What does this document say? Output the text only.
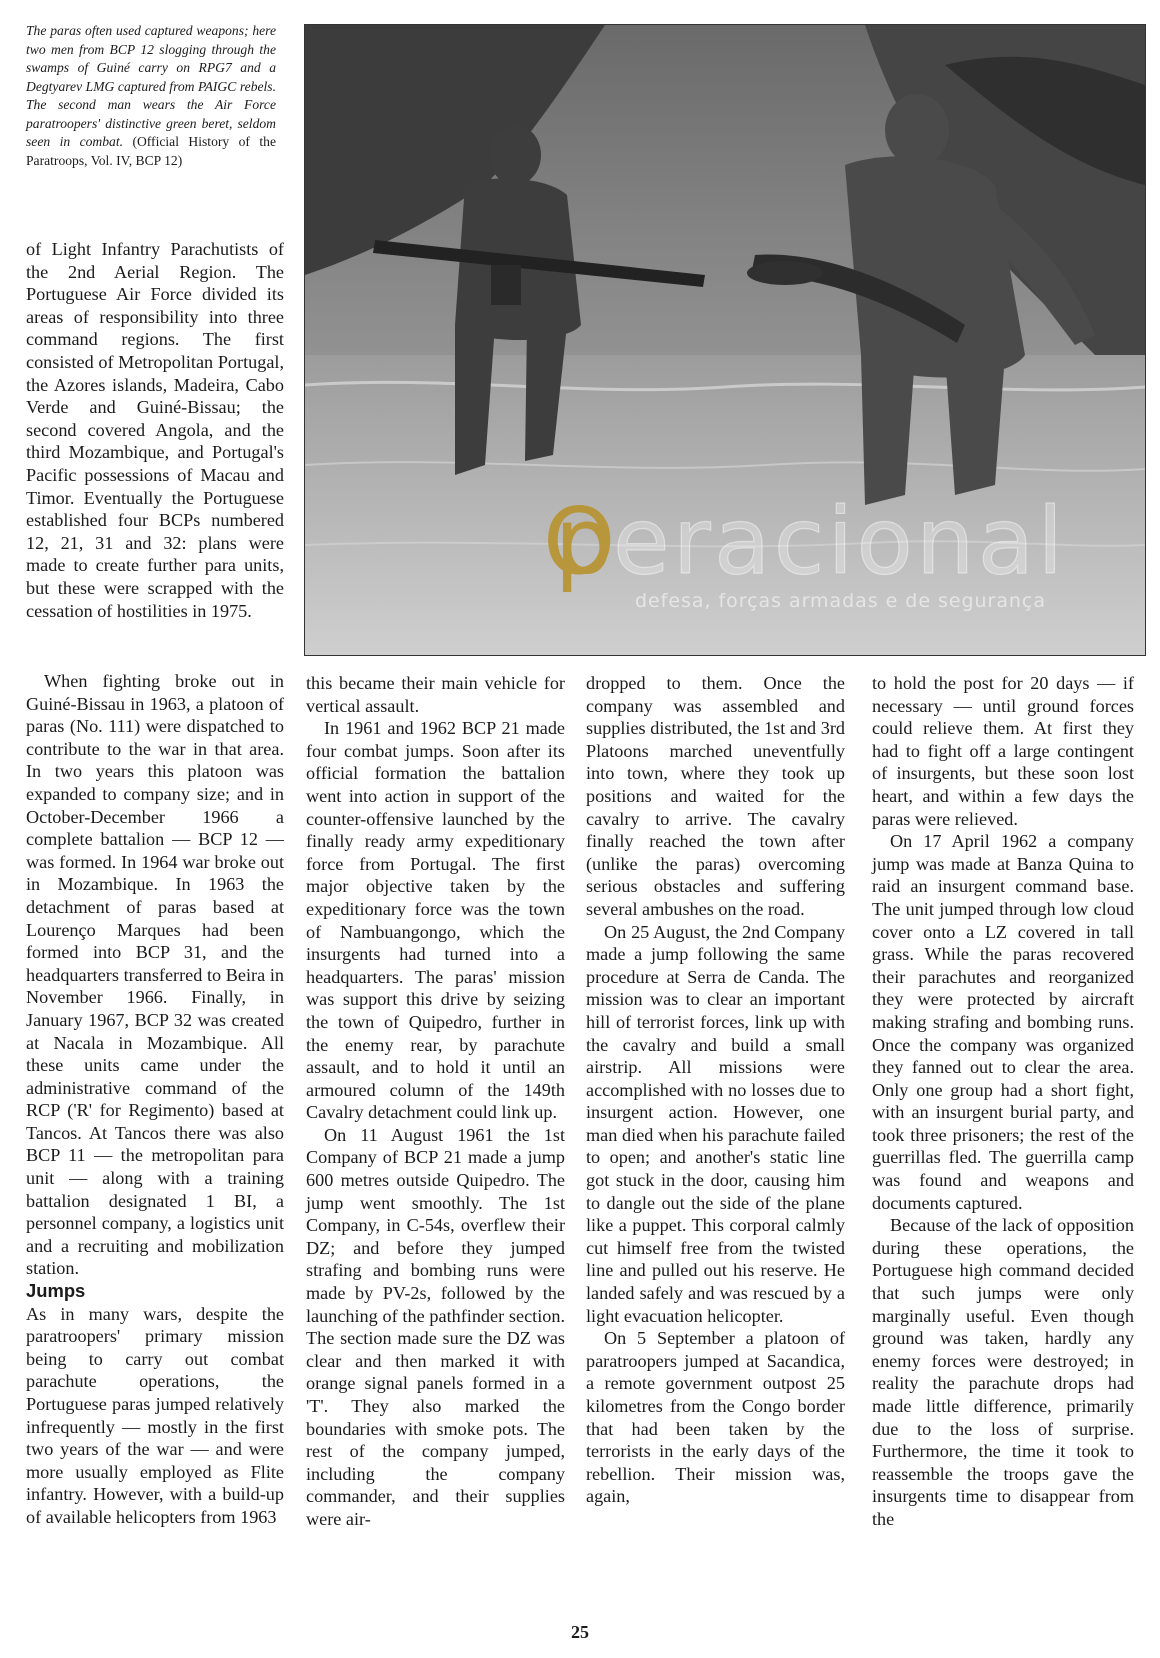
The paras often used captured weapons; here two men from BCP 12 slogging through the swamps of Guiné carry on RPG7 and a Degtyarev LMG captured from PAIGC rebels. The second man wears the Air Force paratroopers' distinctive green beret, seldom seen in combat. (Official History of the Paratroops, Vol. IV, BCP 12)
Op eracional
defesa, forças armadas e de segurança

of Light Infantry Parachutists of the 2nd Aerial Region. The Portuguese Air Force divided its areas of responsibility into three command regions. The first consisted of Metropolitan Portugal, the Azores islands, Madeira, Cabo Verde and Guiné-Bissau; the second covered Angola, and the third Mozambique, and Portugal's Pacific possessions of Macau and Timor. Eventually the Portuguese established four BCPs numbered 12, 21, 31 and 32: plans were made to create further para units, but these were scrapped with the cessation of hostilities in 1975.

When fighting broke out in Guiné-Bissau in 1963, a platoon of paras (No. 111) were dispatched to contribute to the war in that area. In two years this platoon was expanded to company size; and in October-December 1966 a complete battalion — BCP 12 — was formed. In 1964 war broke out in Mozambique. In 1963 the detachment of paras based at Lourenço Marques had been formed into BCP 31, and the headquarters transferred to Beira in November 1966. Finally, in January 1967, BCP 32 was created at Nacala in Mozambique. All these units came under the administrative command of the RCP ('R' for Regimento) based at Tancos. At Tancos there was also BCP 11 — the metropolitan para unit — along with a training battalion designated 1 BI, a personnel company, a logistics unit and a recruiting and mobilization station.

Jumps

As in many wars, despite the paratroopers' primary mission being to carry out combat parachute operations, the Portuguese paras jumped relatively infrequently — mostly in the first two years of the war — and were more usually employed as Flite infantry. However, with a build-up of available helicopters from 1963

this became their main vehicle for vertical assault.

In 1961 and 1962 BCP 21 made four combat jumps. Soon after its official formation the battalion went into action in support of the counter-offensive launched by the finally ready army expeditionary force from Portugal. The first major objective taken by the expeditionary force was the town of Nambuangongo, which the insurgents had turned into a headquarters. The paras' mission was support this drive by seizing the town of Quipedro, further in the enemy rear, by parachute assault, and to hold it until an armoured column of the 149th Cavalry detachment could link up.

On 11 August 1961 the 1st Company of BCP 21 made a jump 600 metres outside Quipedro. The jump went smoothly. The 1st Company, in C-54s, overflew their DZ; and before they jumped strafing and bombing runs were made by PV-2s, followed by the launching of the pathfinder section. The section made sure the DZ was clear and then marked it with orange signal panels formed in a 'T'. They also marked the boundaries with smoke pots. The rest of the company jumped, including the company commander, and their supplies were air-

dropped to them. Once the company was assembled and supplies distributed, the 1st and 3rd Platoons marched uneventfully into town, where they took up positions and waited for the cavalry to arrive. The cavalry finally reached the town after (unlike the paras) overcoming serious obstacles and suffering several ambushes on the road.

On 25 August, the 2nd Company made a jump following the same procedure at Serra de Canda. The mission was to clear an important hill of terrorist forces, link up with the cavalry and build a small airstrip. All missions were accomplished with no losses due to insurgent action. However, one man died when his parachute failed to open; and another's static line got stuck in the door, causing him to dangle out the side of the plane like a puppet. This corporal calmly cut himself free from the twisted line and pulled out his reserve. He landed safely and was rescued by a light evacuation helicopter.

On 5 September a platoon of paratroopers jumped at Sacandica, a remote government outpost 25 kilometres from the Congo border that had been taken by the terrorists in the early days of the rebellion. Their mission was, again,

to hold the post for 20 days — if necessary — until ground forces could relieve them. At first they had to fight off a large contingent of insurgents, but these soon lost heart, and within a few days the paras were relieved.

On 17 April 1962 a company jump was made at Banza Quina to raid an insurgent command base. The unit jumped through low cloud cover onto a LZ covered in tall grass. While the paras recovered their parachutes and reorganized they were protected by aircraft making strafing and bombing runs. Once the company was organized they fanned out to clear the area. Only one group had a short fight, with an insurgent burial party, and took three prisoners; the rest of the guerrillas fled. The guerrilla camp was found and weapons and documents captured.

Because of the lack of opposition during these operations, the Portuguese high command decided that such jumps were only marginally useful. Even though ground was taken, hardly any enemy forces were destroyed; in reality the parachute drops had made little difference, primarily due to the loss of surprise. Furthermore, the time it took to reassemble the troops gave the insurgents time to disappear from the

25
